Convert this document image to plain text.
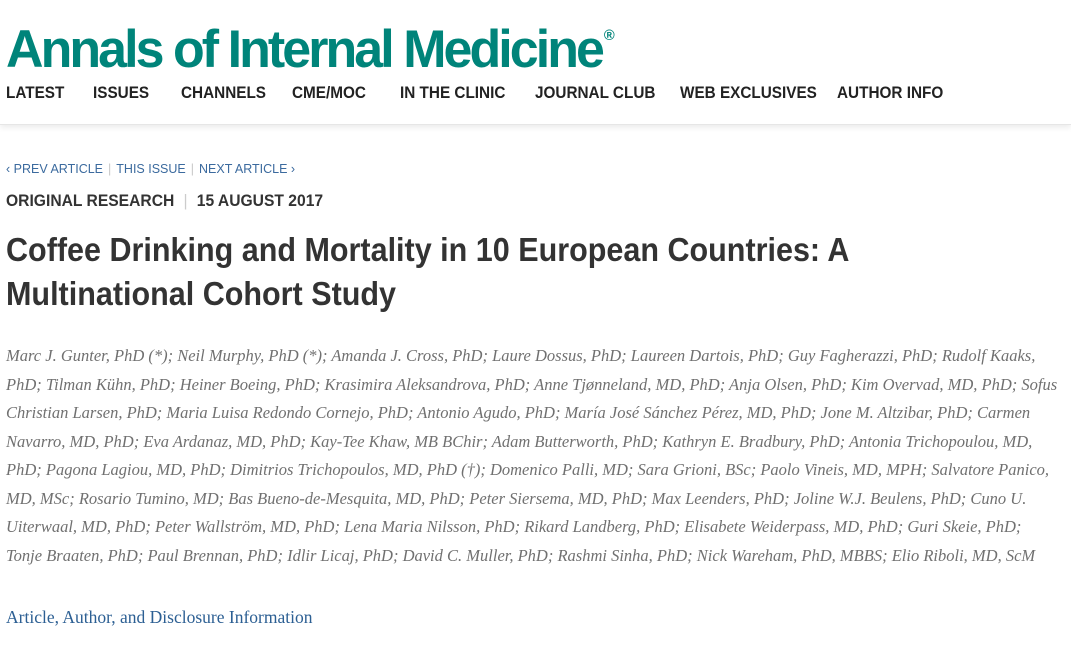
Annals of Internal Medicine ®
LATEST ISSUES CHANNELS CME/MOC IN THE CLINIC JOURNAL CLUB WEB EXCLUSIVES AUTHOR INFO
‹ PREV ARTICLE | THIS ISSUE | NEXT ARTICLE ›
ORIGINAL RESEARCH | 15 AUGUST 2017
Coffee Drinking and Mortality in 10 European Countries: A Multinational Cohort Study

Marc J. Gunter, PhD (*); Neil Murphy, PhD (*); Amanda J. Cross, PhD; Laure Dossus, PhD; Laureen Dartois, PhD; Guy Fagherazzi, PhD; Rudolf Kaaks, PhD; Tilman Kühn, PhD; Heiner Boeing, PhD; Krasimira Aleksandrova, PhD; Anne Tjønneland, MD, PhD; Anja Olsen, PhD; Kim Overvad, MD, PhD; Sofus Christian Larsen, PhD; Maria Luisa Redondo Cornejo, PhD; Antonio Agudo, PhD; María José Sánchez Pérez, MD, PhD; Jone M. Altzibar, PhD; Carmen Navarro, MD, PhD; Eva Ardanaz, MD, PhD; Kay-Tee Khaw, MB BChir; Adam Butterworth, PhD; Kathryn E. Bradbury, PhD; Antonia Trichopoulou, MD, PhD; Pagona Lagiou, MD, PhD; Dimitrios Trichopoulos, MD, PhD (†); Domenico Palli, MD; Sara Grioni, BSc; Paolo Vineis, MD, MPH; Salvatore Panico, MD, MSc; Rosario Tumino, MD; Bas Bueno-de-Mesquita, MD, PhD; Peter Siersema, MD, PhD; Max Leenders, PhD; Joline W.J. Beulens, PhD; Cuno U. Uiterwaal, MD, PhD; Peter Wallström, MD, PhD; Lena Maria Nilsson, PhD; Rikard Landberg, PhD; Elisabete Weiderpass, MD, PhD; Guri Skeie, PhD; Tonje Braaten, PhD; Paul Brennan, PhD; Idlir Licaj, PhD; David C. Muller, PhD; Rashmi Sinha, PhD; Nick Wareham, PhD, MBBS; Elio Riboli, MD, ScM

Article, Author, and Disclosure Information
